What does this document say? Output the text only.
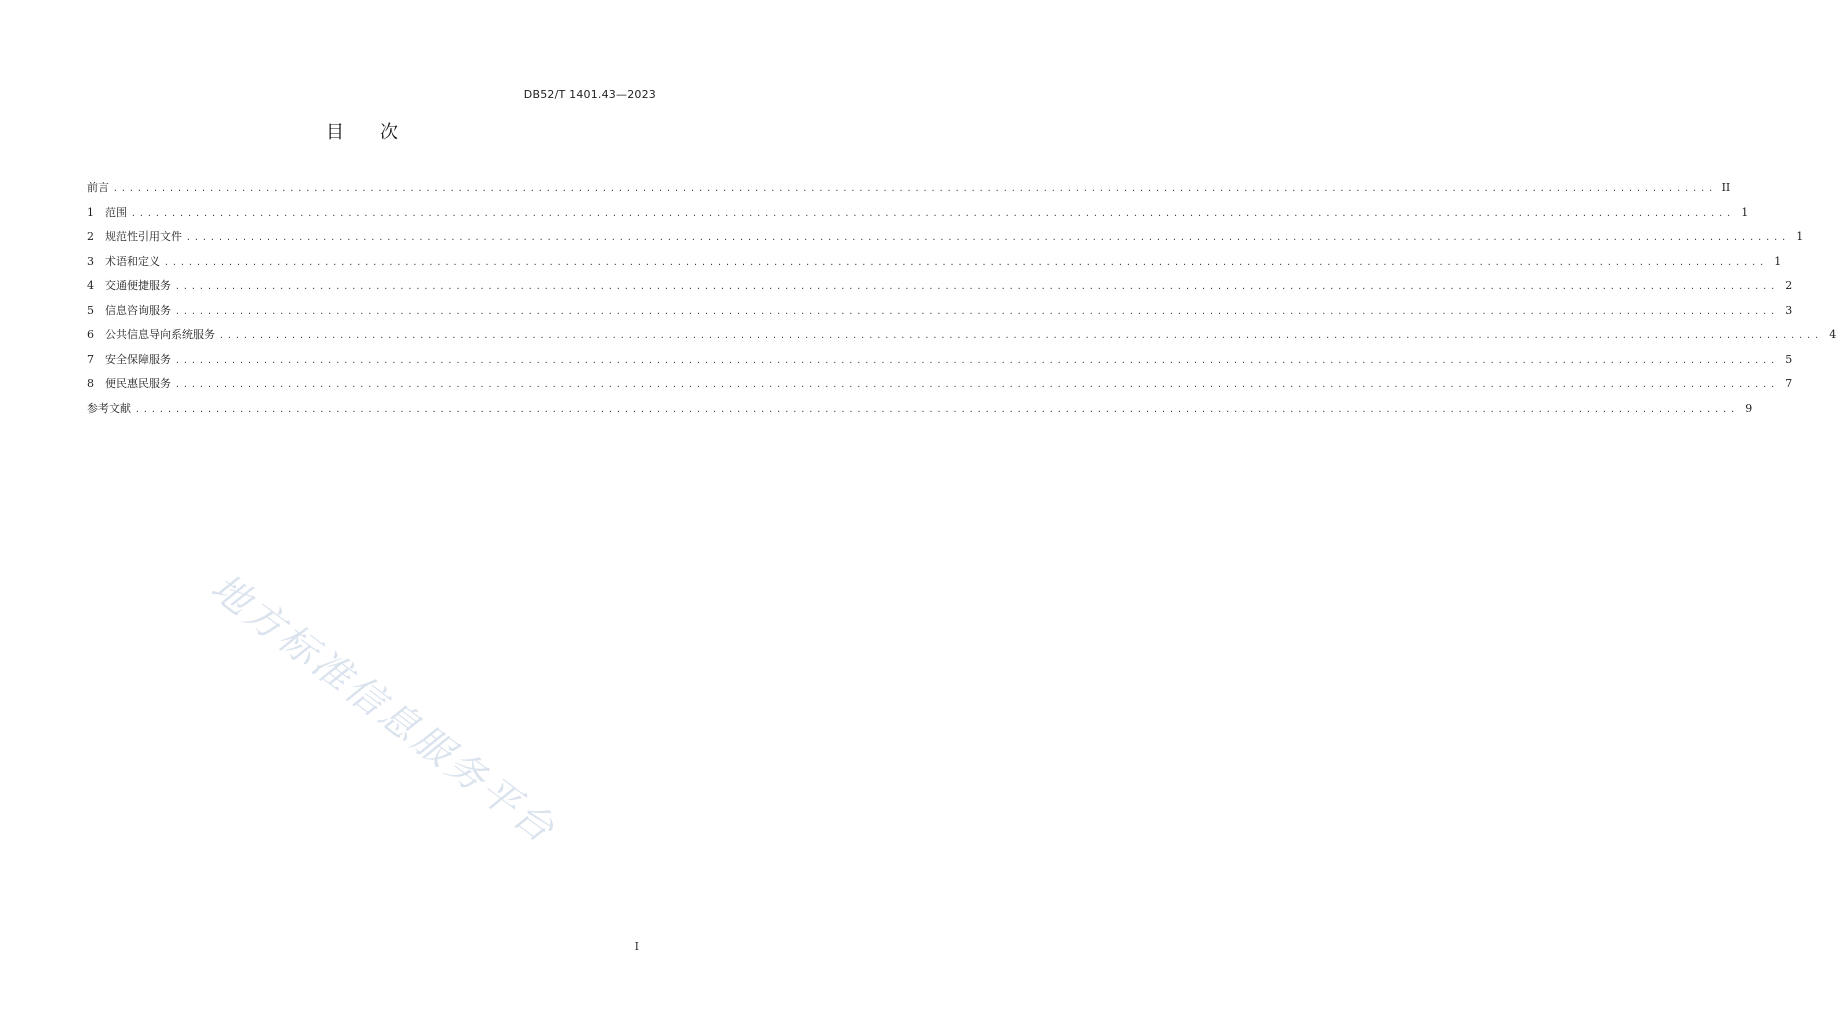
DB52/T 1401.43—2023
目次
前言 ........................................................................................................................................................................................................ II
1	范围 ........................................................................................................................................................................................................ 1
2	规范性引用文件 ........................................................................................................................................................................................................ 1
3	术语和定义 ........................................................................................................................................................................................................ 1
4	交通便捷服务 ........................................................................................................................................................................................................ 2
5	信息咨询服务 ........................................................................................................................................................................................................ 3
6	公共信息导向系统服务 ........................................................................................................................................................................................................ 4
7	安全保障服务 ........................................................................................................................................................................................................ 5
8	便民惠民服务 ........................................................................................................................................................................................................ 7
参考文献 ........................................................................................................................................................................................................ 9
地方标准信息服务平台
I
